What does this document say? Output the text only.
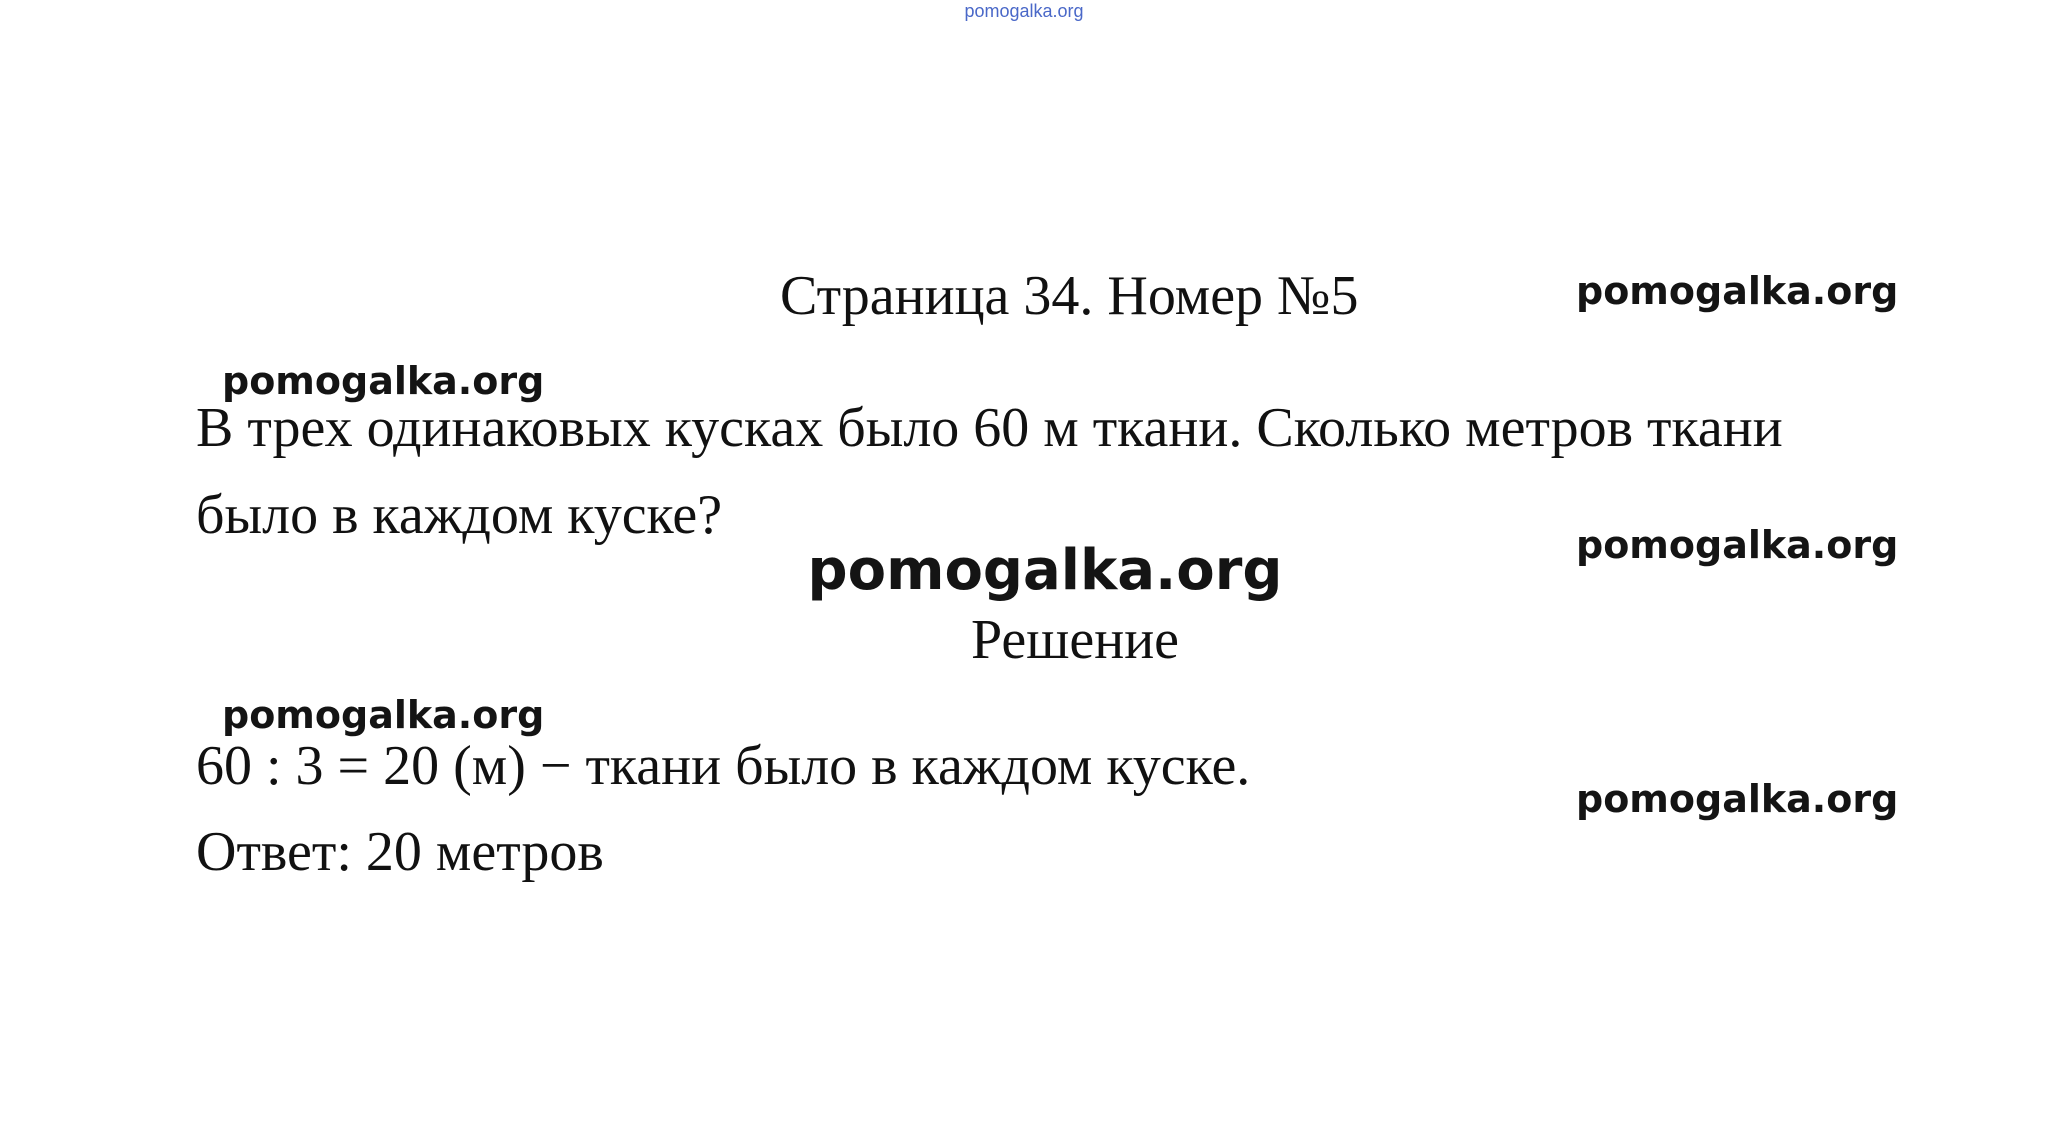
pomogalka.org
Страница 34. Номер №5	pomogalka.org
pomogalka.org
В трех одинаковых кусках было 60 м ткани. Сколько метров ткани
было в каждом куске?	pomogalka.org
pomogalka.org
Решение
pomogalka.org
60 : 3 = 20 (м) − ткани было в каждом куске.
pomogalka.org
Ответ: 20 метров
